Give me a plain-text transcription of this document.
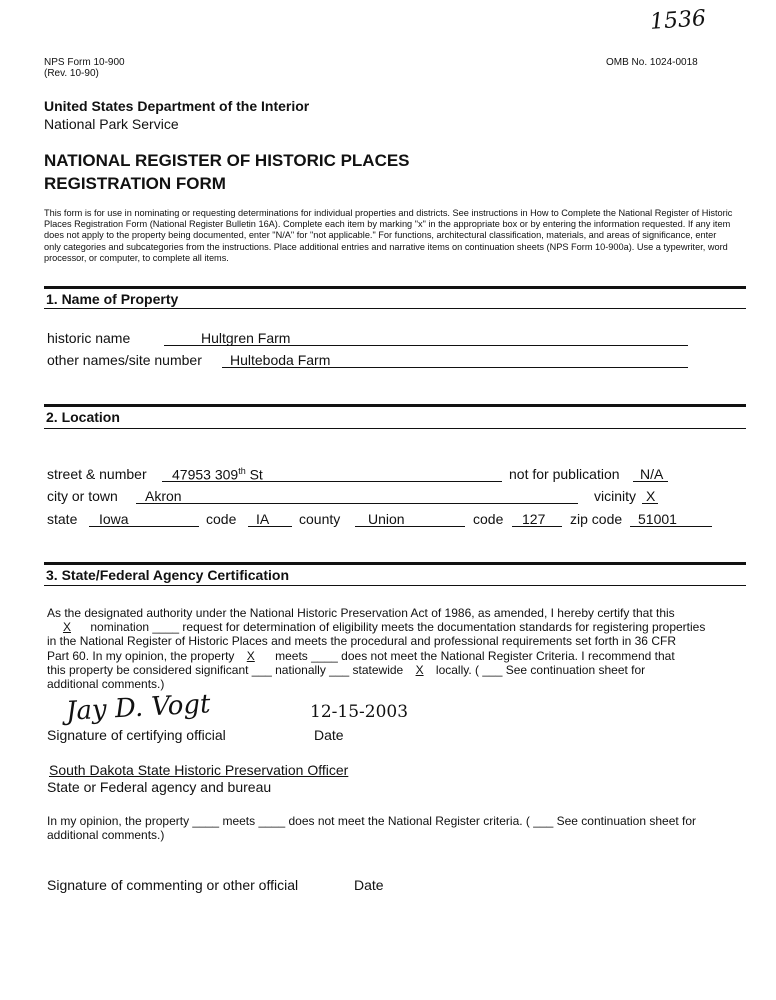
1536
NPS Form 10-900
(Rev. 10-90)
OMB No. 1024-0018
United States Department of the Interior
National Park Service
NATIONAL REGISTER OF HISTORIC PLACES
REGISTRATION FORM
This form is for use in nominating or requesting determinations for individual properties and districts. See instructions in How to Complete the National Register of Historic Places Registration Form (National Register Bulletin 16A). Complete each item by marking "x" in the appropriate box or by entering the information requested. If any item does not apply to the property being documented, enter "N/A" for "not applicable." For functions, architectural classification, materials, and areas of significance, enter only categories and subcategories from the instructions. Place additional entries and narrative items on continuation sheets (NPS Form 10-900a). Use a typewriter, word processor, or computer, to complete all items.
1. Name of Property
historic name	Hultgren Farm
other names/site number Hulteboda Farm
2. Location
street & number 47953 309th St	not for publication N/A
city or town Akron	vicinity X
state Iowa	code IA county Union	code 127 zip code 51001
3. State/Federal Agency Certification
As the designated authority under the National Historic Preservation Act of 1986, as amended, I hereby certify that this
X nomination ____ request for determination of eligibility meets the documentation standards for registering properties
in the National Register of Historic Places and meets the procedural and professional requirements set forth in 36 CFR
Part 60. In my opinion, the property X meets ____ does not meet the National Register Criteria. I recommend that
this property be considered significant ___ nationally ___ statewide X locally. ( ___ See continuation sheet for
additional comments.)
Jay D. Vogt	12-15-2003
Signature of certifying official	Date
South Dakota State Historic Preservation Officer
State or Federal agency and bureau
In my opinion, the property ____ meets ____ does not meet the National Register criteria. ( ___ See continuation sheet for
additional comments.)
Signature of commenting or other official	Date
